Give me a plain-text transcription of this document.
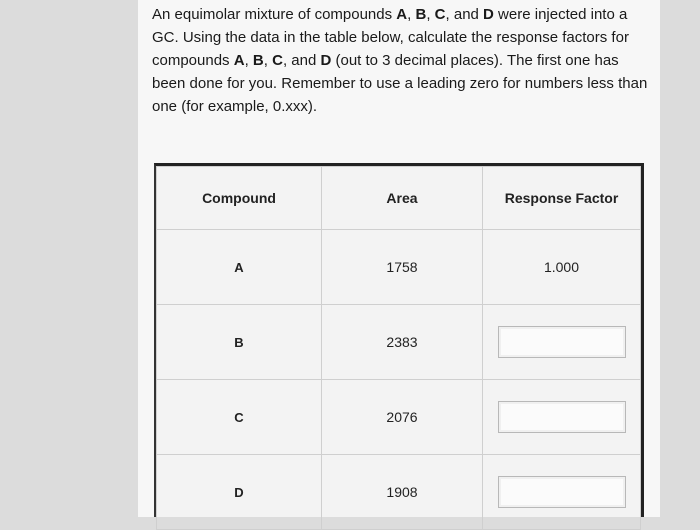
An equimolar mixture of compounds A, B, C, and D were injected into a GC. Using the data in the table below, calculate the response factors for compounds A, B, C, and D (out to 3 decimal places). The first one has been done for you. Remember to use a leading zero for numbers less than one (for example, 0.xxx).
Compound	Area	Response Factor
A	1758	1.000
B	2383	
C	2076	
D	1908	
